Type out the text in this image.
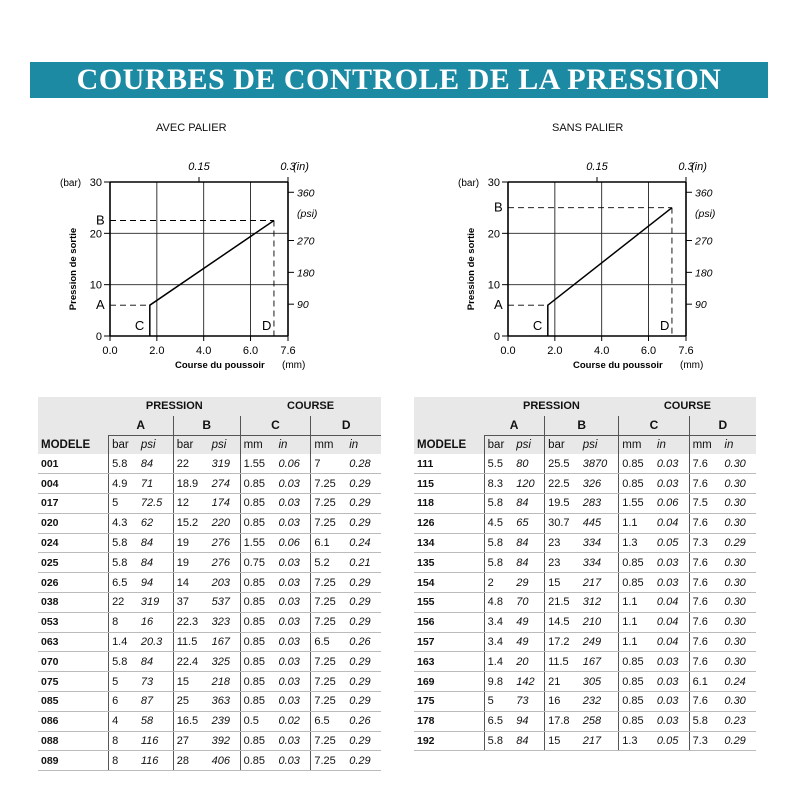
COURBES DE CONTROLE DE LA PRESSION
AVEC PALIER	SANS PALIER
0
10
20
30
(bar)
0.0	2.0	4.0	6.0 7.6
Course du poussoir (mm)
0.15	0.3
(in)
360
270
180
90
(psi)
Pression de sortie A
B
C	D
0
10
20
30
(bar)
0.0	2.0	4.0	6.0 7.6
Course du poussoir (mm)
0.15	0.3
(in)
360
270
180
90
(psi)
Pression de sortie A
B
C	D
	PRESSION				COURSE			
	A		B		C		D	
MODELE	bar	psi	bar	psi	mm	in	mm	in
001	5.8	84	22	319	1.55	0.06	7	0.28
004	4.9	71	18.9	274	0.85	0.03	7.25	0.29
017	5	72.5	12	174	0.85	0.03	7.25	0.29
020	4.3	62	15.2	220	0.85	0.03	7.25	0.29
024	5.8	84	19	276	1.55	0.06	6.1	0.24
025	5.8	84	19	276	0.75	0.03	5.2	0.21
026	6.5	94	14	203	0.85	0.03	7.25	0.29
038	22	319	37	537	0.85	0.03	7.25	0.29
053	8	16	22.3	323	0.85	0.03	7.25	0.29
063	1.4	20.3	11.5	167	0.85	0.03	6.5	0.26
070	5.8	84	22.4	325	0.85	0.03	7.25	0.29
075	5	73	15	218	0.85	0.03	7.25	0.29
085	6	87	25	363	0.85	0.03	7.25	0.29
086	4	58	16.5	239	0.5	0.02	6.5	0.26
088	8	116	27	392	0.85	0.03	7.25	0.29
089	8	116	28	406	0.85	0.03	7.25	0.29
	PRESSION				COURSE			
	A		B		C		D	
MODELE	bar	psi	bar	psi	mm	in	mm	in
111	5.5	80	25.5	3870	0.85	0.03	7.6	0.30
115	8.3	120	22.5	326	0.85	0.03	7.6	0.30
118	5.8	84	19.5	283	1.55	0.06	7.5	0.30
126	4.5	65	30.7	445	1.1	0.04	7.6	0.30
134	5.8	84	23	334	1.3	0.05	7.3	0.29
135	5.8	84	23	334	0.85	0.03	7.6	0.30
154	2	29	15	217	0.85	0.03	7.6	0.30
155	4.8	70	21.5	312	1.1	0.04	7.6	0.30
156	3.4	49	14.5	210	1.1	0.04	7.6	0.30
157	3.4	49	17.2	249	1.1	0.04	7.6	0.30
163	1.4	20	11.5	167	0.85	0.03	7.6	0.30
169	9.8	142	21	305	0.85	0.03	6.1	0.24
175	5	73	16	232	0.85	0.03	7.6	0.30
178	6.5	94	17.8	258	0.85	0.03	5.8	0.23
192	5.8	84	15	217	1.3	0.05	7.3	0.29
